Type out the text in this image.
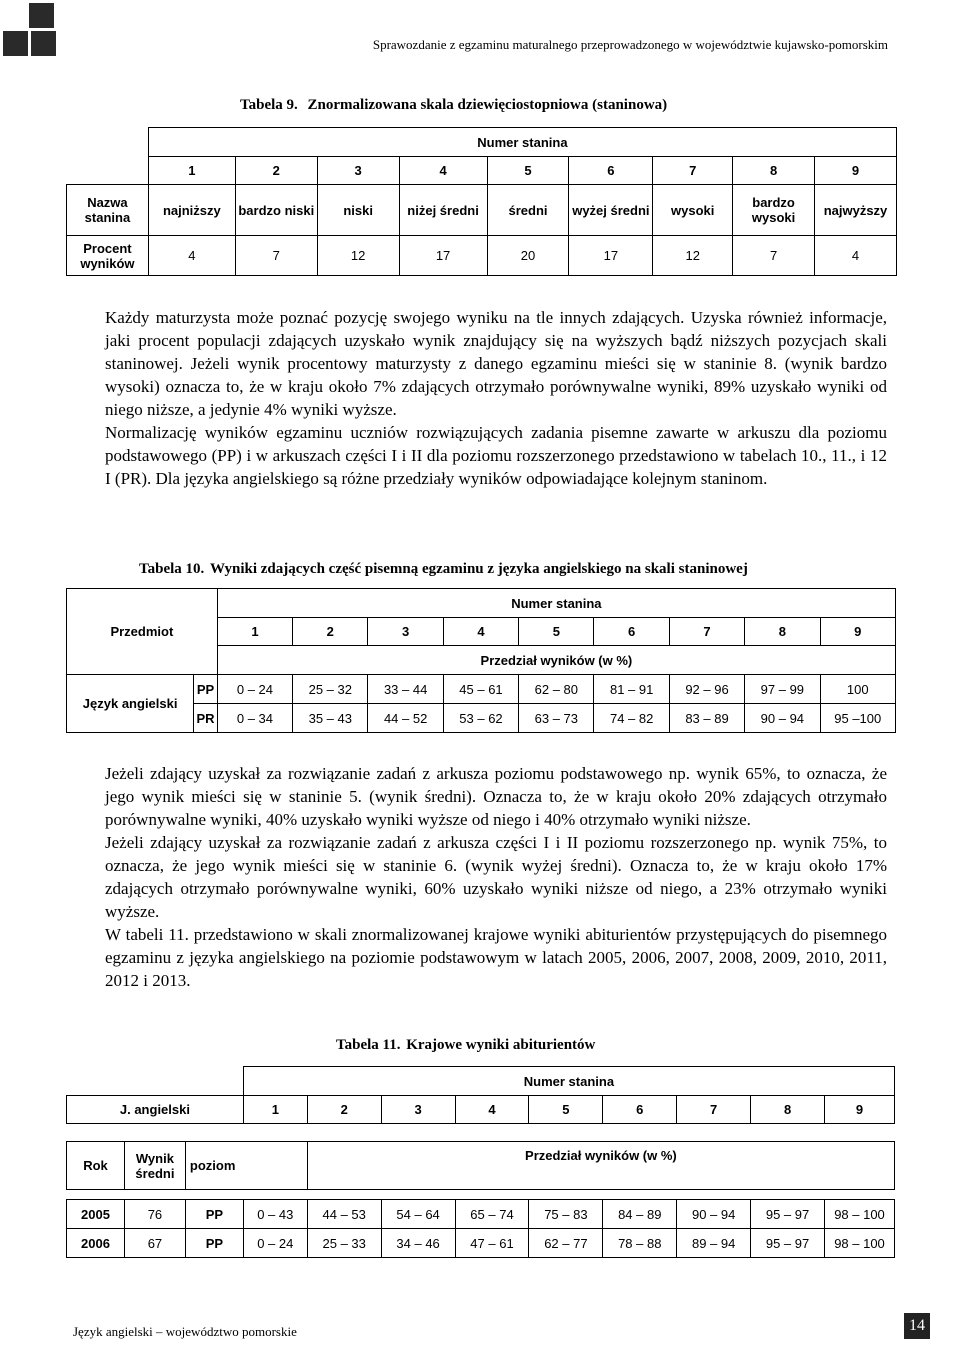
Sprawozdanie z egzaminu maturalnego przeprowadzonego w województwie kujawsko-pomorskim
Tabela 9. Znormalizowana skala dziewięciostopniowa (staninowa)
	Numer stanina								
	1	2	3	4	5	6	7	8	9
Nazwa stanina	najniższy	bardzo niski	niski	niżej średni	średni	wyżej średni	wysoki	bardzo wysoki	najwyższy
Procent wyników	4	7	12	17	20	17	12	7	4

Każdy maturzysta może poznać pozycję swojego wyniku na tle innych zdających. Uzyska również informacje, jaki procent populacji zdających uzyskało wynik znajdujący się na wyższych bądź niższych pozycjach skali staninowej. Jeżeli wynik procentowy maturzysty z danego egzaminu mieści się w staninie 8. (wynik bardzo wysoki) oznacza to, że w kraju około 7% zdających otrzymało porównywalne wyniki, 89% uzyskało wyniki od niego niższe, a jedynie 4% wyniki wyższe.

Normalizację wyników egzaminu uczniów rozwiązujących zadania pisemne zawarte w arkuszu dla poziomu podstawowego (PP) i w arkuszach części I i II dla poziomu rozszerzonego przedstawiono w tabelach 10., 11., i 12 I (PR). Dla języka angielskiego są różne przedziały wyników odpowiadające kolejnym staninom.

Tabela 10. Wyniki zdających część pisemną egzaminu z języka angielskiego na skali staninowej
		Numer stanina								
Przedmiot		1	2	3	4	5	6	7	8	9
		Przedział wyników (w %)								
Język angielski	PP	0 – 24	25 – 32	33 – 44	45 – 61	62 – 80	81 – 91	92 – 96	97 – 99	100
	PR	0 – 34	35 – 43	44 – 52	53 – 62	63 – 73	74 – 82	83 – 89	90 – 94	95 –100

Jeżeli zdający uzyskał za rozwiązanie zadań z arkusza poziomu podstawowego np. wynik 65%, to oznacza, że jego wynik mieści się w staninie 5. (wynik średni). Oznacza to, że w kraju około 20% zdających otrzymało porównywalne wyniki, 40% uzyskało wyniki wyższe od niego i 40% otrzymało wyniki niższe.

Jeżeli zdający uzyskał za rozwiązanie zadań z arkusza części I i II poziomu rozszerzonego np. wynik 75%, to oznacza, że jego wynik mieści się w staninie 6. (wynik wyżej średni). Oznacza to, że w kraju około 17% zdających otrzymało porównywalne wyniki, 60% uzyskało wyniki niższe od niego, a 23% otrzymało wyniki wyższe.

W tabeli 11. przedstawiono w skali znormalizowanej krajowe wyniki abiturientów przystępujących do pisemnego egzaminu z języka angielskiego na poziomie podstawowym w latach 2005, 2006, 2007, 2008, 2009, 2010, 2011, 2012 i 2013.

Tabela 11. Krajowe wyniki abiturientów
			Numer stanina								
J. angielski			1	2	3	4	5	6	7	8	9

Rok	Wynik średni	poziom		Przedział wyników (w %)							

2005	76	PP	0 – 43	44 – 53	54 – 64	65 – 74	75 – 83	84 – 89	90 – 94	95 – 97	98 – 100
2006	67	PP	0 – 24	25 – 33	34 – 46	47 – 61	62 – 77	78 – 88	89 – 94	95 – 97	98 – 100
Język angielski – województwo pomorskie	14
